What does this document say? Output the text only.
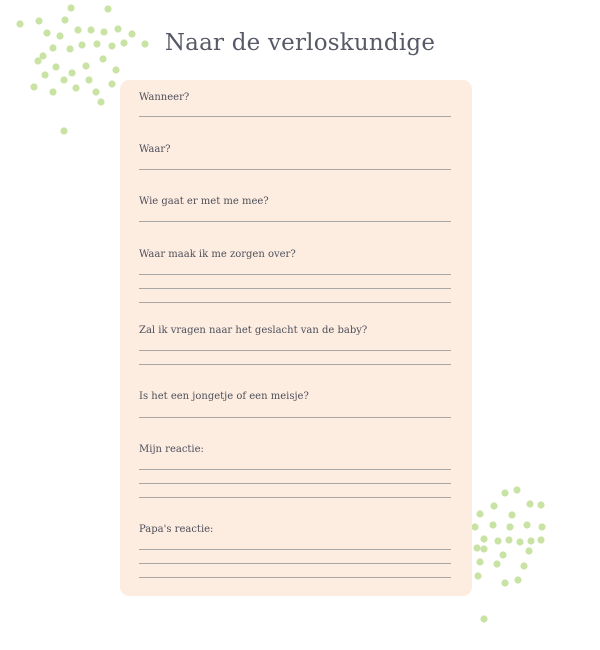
Naar de verloskundige
Wanneer?
Waar?
Wie gaat er met me mee?
Waar maak ik me zorgen over?
Zal ik vragen naar het geslacht van de baby?
Is het een jongetje of een meisje?
Mijn reactie:
Papa's reactie:
